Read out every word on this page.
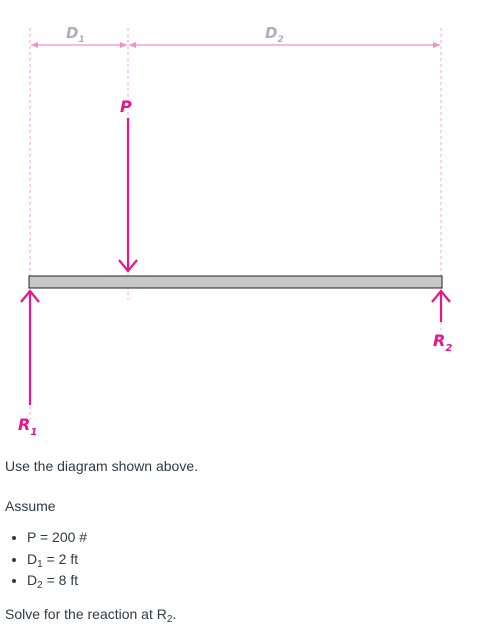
$D_1$	$D_2$
P
$R_1$
$R_2$

Use the diagram shown above.

Assume

• P = 200 #
• $D_1 = 2$ ft
• $D_2 = 8$ ft

Solve for the reaction at $R_2$.
